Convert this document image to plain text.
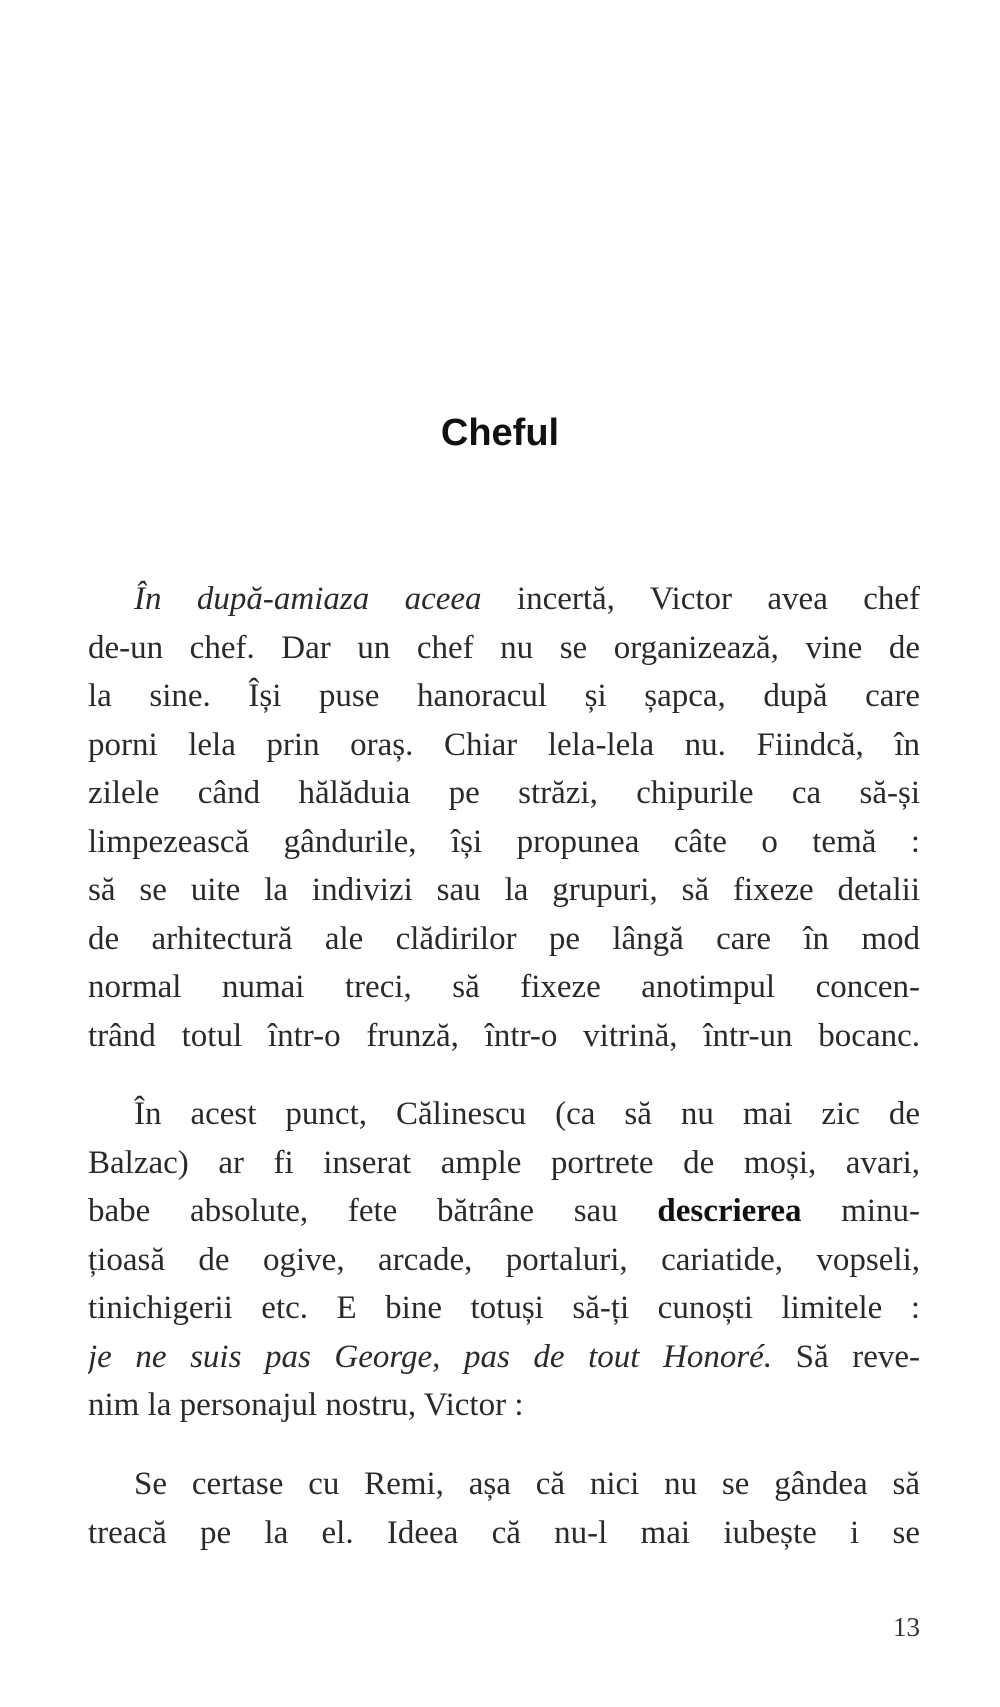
Cheful
În după-amiaza aceea incertă, Victor avea chef
de-un chef. Dar un chef nu se organizează, vine de
la sine. Își puse hanoracul și șapca, după care
porni lela prin oraș. Chiar lela-lela nu. Fiindcă, în
zilele când hălăduia pe străzi, chipurile ca să-și
limpezească gândurile, își propunea câte o temă :
să se uite la indivizi sau la grupuri, să fixeze detalii
de arhitectură ale clădirilor pe lângă care în mod
normal numai treci, să fixeze anotimpul concen-
trând totul într-o frunză, într-o vitrină, într-un bocanc.
În acest punct, Călinescu (ca să nu mai zic de
Balzac) ar fi inserat ample portrete de moși, avari,
babe absolute, fete bătrâne sau descrierea minu-
țioasă de ogive, arcade, portaluri, cariatide, vopseli,
tinichigerii etc. E bine totuși să-ți cunoști limitele :
je ne suis pas George, pas de tout Honoré. Să reve-
nim la personajul nostru, Victor :
Se certase cu Remi, așa că nici nu se gândea să
treacă pe la el. Ideea că nu-l mai iubește i se
13
